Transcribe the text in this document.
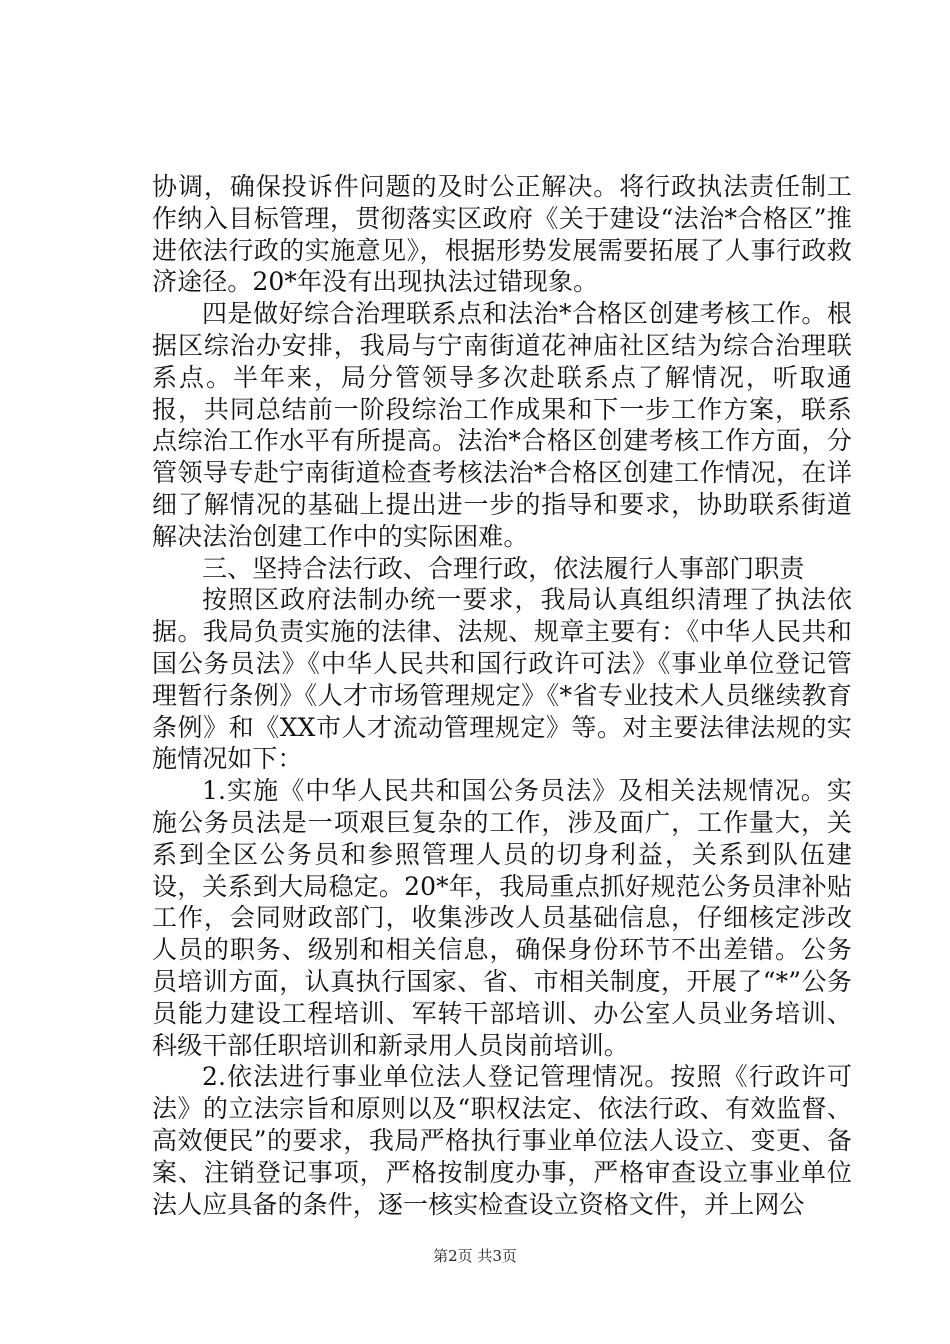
协调，确保投诉件问题的及时公正解决。将行政执法责任制工作纳入目标管理，贯彻落实区政府《关于建设“法治*合格区”推进依法行政的实施意见》，根据形势发展需要拓展了人事行政救济途径。20*年没有出现执法过错现象。

四是做好综合治理联系点和法治*合格区创建考核工作。根据区综治办安排，我局与宁南街道花神庙社区结为综合治理联系点。半年来，局分管领导多次赴联系点了解情况，听取通报，共同总结前一阶段综治工作成果和下一步工作方案，联系点综治工作水平有所提高。法治*合格区创建考核工作方面，分管领导专赴宁南街道检查考核法治*合格区创建工作情况，在详细了解情况的基础上提出进一步的指导和要求，协助联系街道解决法治创建工作中的实际困难。

三、坚持合法行政、合理行政，依法履行人事部门职责

按照区政府法制办统一要求，我局认真组织清理了执法依据。我局负责实施的法律、法规、规章主要有：《中华人民共和国公务员法》《中华人民共和国行政许可法》《事业单位登记管理暂行条例》《人才市场管理规定》《*省专业技术人员继续教育条例》和《XX市人才流动管理规定》等。对主要法律法规的实施情况如下：

1.实施《中华人民共和国公务员法》及相关法规情况。实施公务员法是一项艰巨复杂的工作，涉及面广，工作量大，关系到全区公务员和参照管理人员的切身利益，关系到队伍建设，关系到大局稳定。20*年，我局重点抓好规范公务员津补贴工作，会同财政部门，收集涉改人员基础信息，仔细核定涉改人员的职务、级别和相关信息，确保身份环节不出差错。公务员培训方面，认真执行国家、省、市相关制度，开展了“*”公务员能力建设工程培训、军转干部培训、办公室人员业务培训、科级干部任职培训和新录用人员岗前培训。

2.依法进行事业单位法人登记管理情况。按照《行政许可法》的立法宗旨和原则以及“职权法定、依法行政、有效监督、高效便民”的要求，我局严格执行事业单位法人设立、变更、备案、注销登记事项，严格按制度办事，严格审查设立事业单位法人应具备的条件，逐一核实检查设立资格文件，并上网公

第2页 共3页
